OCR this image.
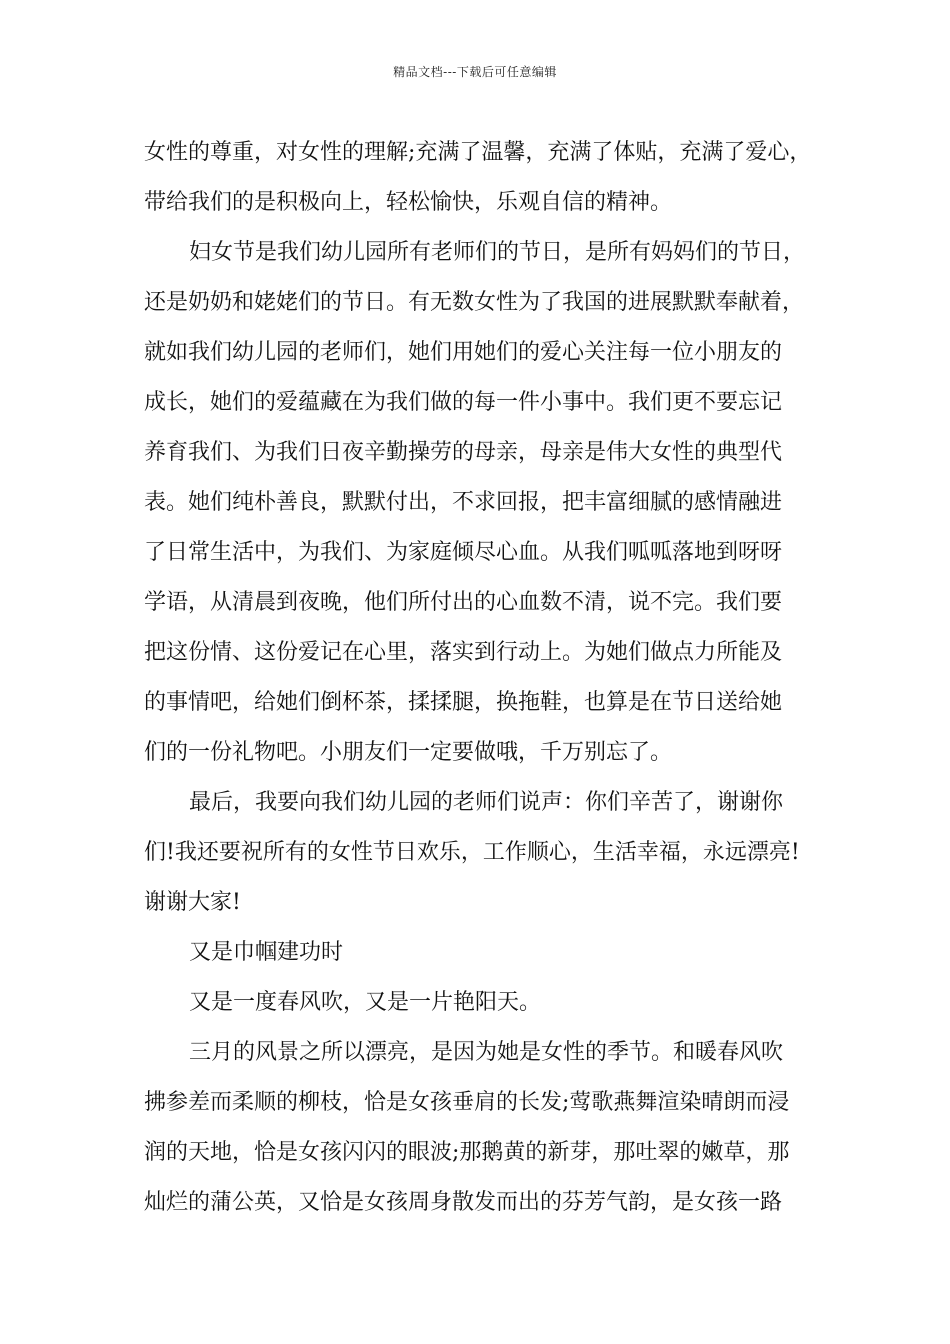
精品文档---下载后可任意编辑
女性的尊重，对女性的理解;充满了温馨，充满了体贴，充满了爱心，
带给我们的是积极向上，轻松愉快，乐观自信的精神。
妇女节是我们幼儿园所有老师们的节日，是所有妈妈们的节日，
还是奶奶和姥姥们的节日。有无数女性为了我国的进展默默奉献着，
就如我们幼儿园的老师们，她们用她们的爱心关注每一位小朋友的
成长，她们的爱蕴藏在为我们做的每一件小事中。我们更不要忘记
养育我们、为我们日夜辛勤操劳的母亲，母亲是伟大女性的典型代
表。她们纯朴善良，默默付出，不求回报，把丰富细腻的感情融进
了日常生活中，为我们、为家庭倾尽心血。从我们呱呱落地到呀呀
学语，从清晨到夜晚，他们所付出的心血数不清，说不完。我们要
把这份情、这份爱记在心里，落实到行动上。为她们做点力所能及
的事情吧，给她们倒杯茶，揉揉腿，换拖鞋，也算是在节日送给她
们的一份礼物吧。小朋友们一定要做哦，千万别忘了。
最后，我要向我们幼儿园的老师们说声：你们辛苦了，谢谢你
们!我还要祝所有的女性节日欢乐，工作顺心，生活幸福，永远漂亮!
谢谢大家!
又是巾帼建功时
又是一度春风吹，又是一片艳阳天。
三月的风景之所以漂亮，是因为她是女性的季节。和暖春风吹
拂参差而柔顺的柳枝，恰是女孩垂肩的长发;莺歌燕舞渲染晴朗而浸
润的天地，恰是女孩闪闪的眼波;那鹅黄的新芽，那吐翠的嫩草，那
灿烂的蒲公英，又恰是女孩周身散发而出的芬芳气韵，是女孩一路
